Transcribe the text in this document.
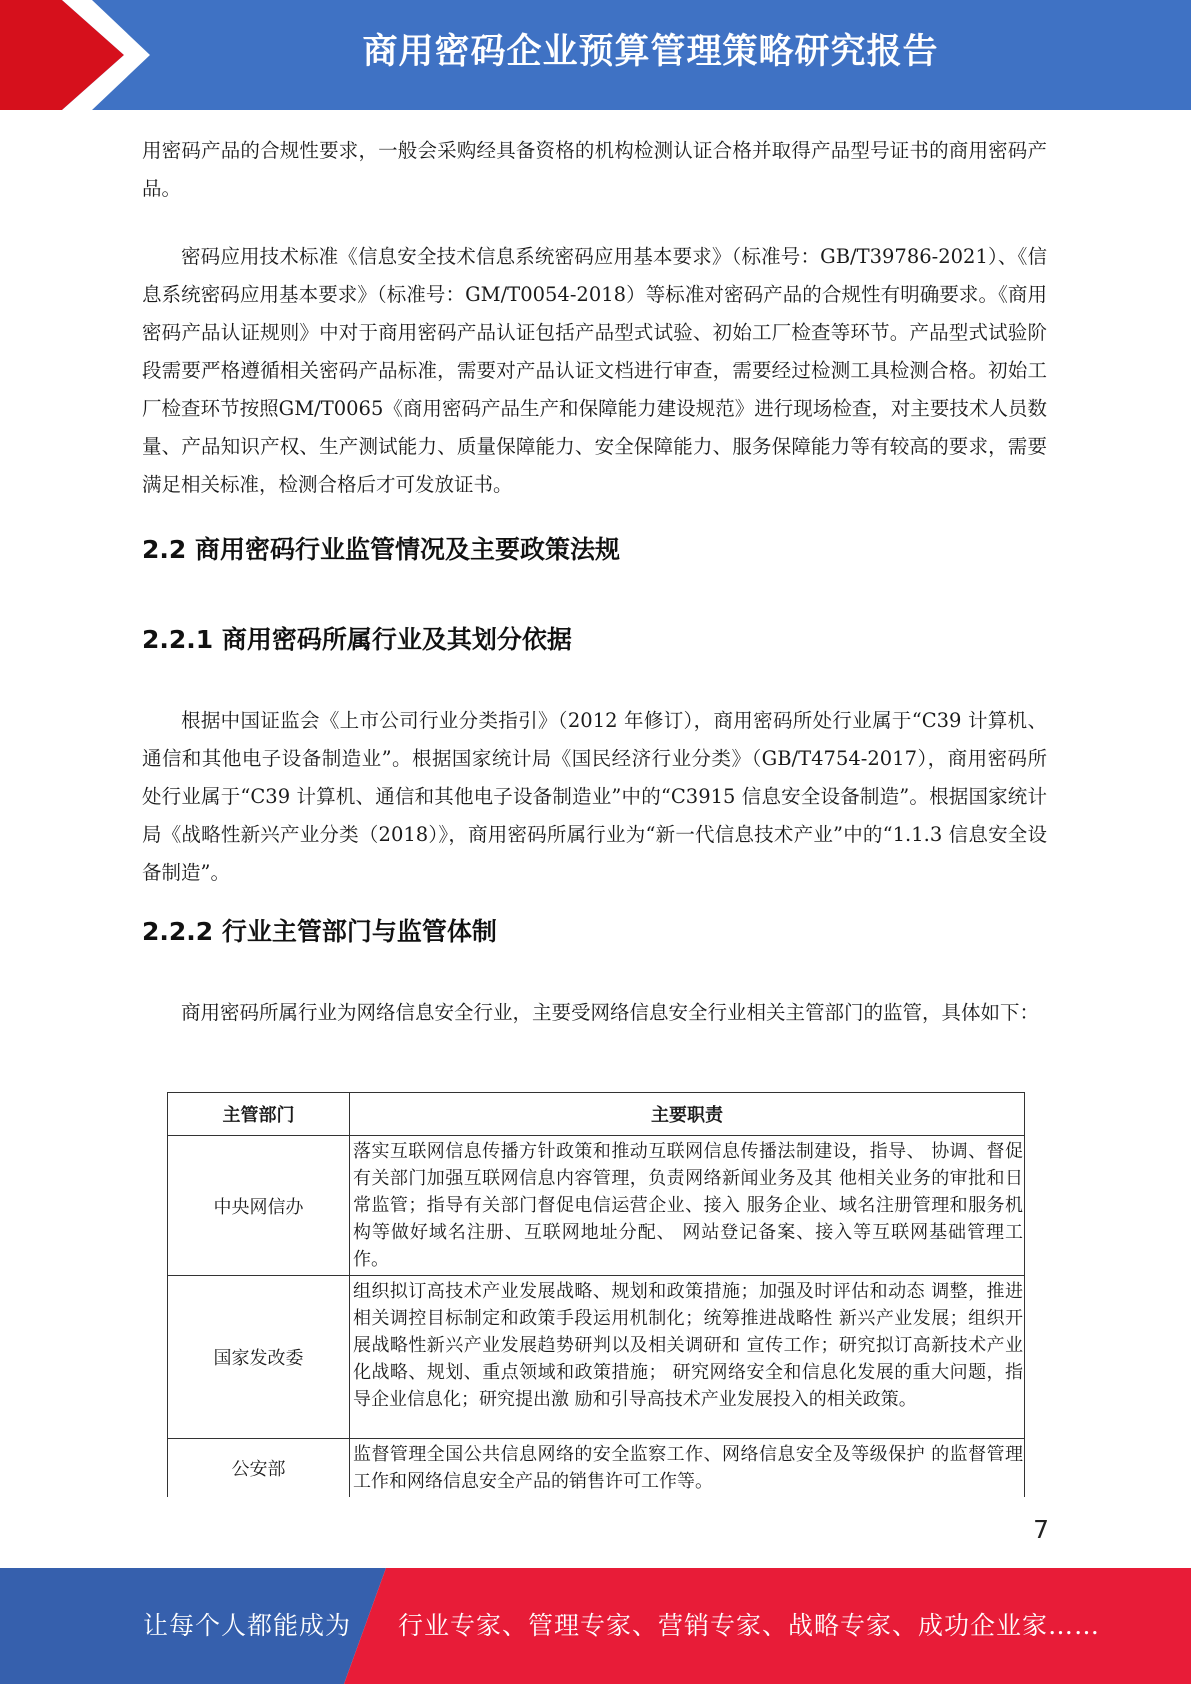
商用密码企业预算管理策略研究报告

用密码产品的合规性要求，一般会采购经具备资格的机构检测认证合格并取得产品型号证书的商用密码产品。

密码应用技术标准《信息安全技术信息系统密码应用基本要求》（标准号：GB/T39786-2021）、《信息系统密码应用基本要求》（标准号：GM/T0054-2018）等标准对密码产品的合规性有明确要求。《商用密码产品认证规则》中对于商用密码产品认证包括产品型式试验、初始工厂检查等环节。产品型式试验阶段需要严格遵循相关密码产品标准，需要对产品认证文档进行审查，需要经过检测工具检测合格。初始工厂检查环节按照GM/T0065《商用密码产品生产和保障能力建设规范》进行现场检查，对主要技术人员数量、产品知识产权、生产测试能力、质量保障能力、安全保障能力、服务保障能力等有较高的要求，需要满足相关标准，检测合格后才可发放证书。

2.2 商用密码行业监管情况及主要政策法规
2.2.1 商用密码所属行业及其划分依据

根据中国证监会《上市公司行业分类指引》（2012 年修订），商用密码所处行业属于“C39 计算机、通信和其他电子设备制造业”。根据国家统计局《国民经济行业分类》（GB/T4754-2017），商用密码所处行业属于“C39 计算机、通信和其他电子设备制造业”中的“C3915 信息安全设备制造”。根据国家统计局《战略性新兴产业分类（2018）》，商用密码所属行业为“新一代信息技术产业”中的“1.1.3 信息安全设备制造”。

2.2.2 行业主管部门与监管体制

商用密码所属行业为网络信息安全行业，主要受网络信息安全行业相关主管部门的监管，具体如下：

主管部门	主要职责
中央网信办	落实互联网信息传播方针政策和推动互联网信息传播法制建设，指导、 协调、督促有关部门加强互联网信息内容管理，负责网络新闻业务及其 他相关业务的审批和日常监管；指导有关部门督促电信运营企业、接入 服务企业、域名注册管理和服务机构等做好域名注册、互联网地址分配、 网站登记备案、接入等互联网基础管理工作。
国家发改委	组织拟订高技术产业发展战略、规划和政策措施；加强及时评估和动态 调整，推进相关调控目标制定和政策手段运用机制化；统筹推进战略性 新兴产业发展；组织开展战略性新兴产业发展趋势研判以及相关调研和 宣传工作；研究拟订高新技术产业化战略、规划、重点领域和政策措施； 研究网络安全和信息化发展的重大问题，指导企业信息化；研究提出激 励和引导高技术产业发展投入的相关政策。
公安部	监督管理全国公共信息网络的安全监察工作、网络信息安全及等级保护 的监督管理工作和网络信息安全产品的销售许可工作等。
7
让每个人都能成为 行业专家、管理专家、营销专家、战略专家、成功企业家……
